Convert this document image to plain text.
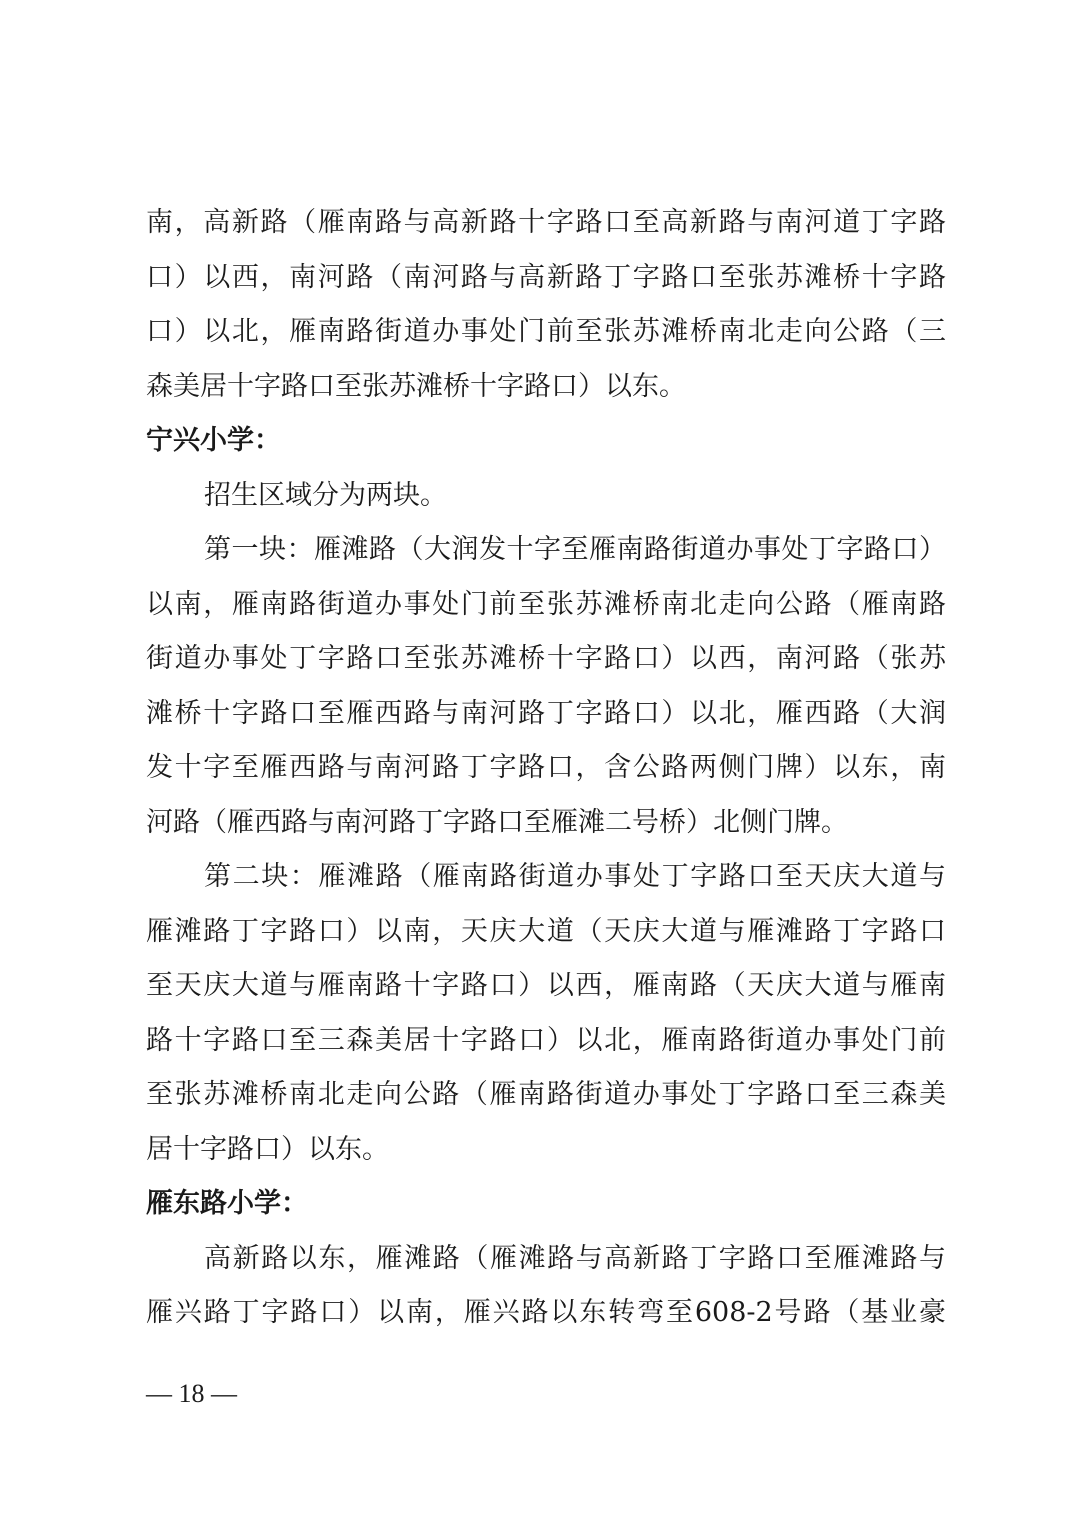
南，高新路（雁南路与高新路十字路口至高新路与南河道丁字路
口）以西，南河路（南河路与高新路丁字路口至张苏滩桥十字路
口）以北，雁南路街道办事处门前至张苏滩桥南北走向公路（三
森美居十字路口至张苏滩桥十字路口）以东。
宁兴小学：
招生区域分为两块。
第一块：雁滩路（大润发十字至雁南路街道办事处丁字路口）
以南，雁南路街道办事处门前至张苏滩桥南北走向公路（雁南路
街道办事处丁字路口至张苏滩桥十字路口）以西，南河路（张苏
滩桥十字路口至雁西路与南河路丁字路口）以北，雁西路（大润
发十字至雁西路与南河路丁字路口，含公路两侧门牌）以东，南
河路（雁西路与南河路丁字路口至雁滩二号桥）北侧门牌。
第二块：雁滩路（雁南路街道办事处丁字路口至天庆大道与
雁滩路丁字路口）以南，天庆大道（天庆大道与雁滩路丁字路口
至天庆大道与雁南路十字路口）以西，雁南路（天庆大道与雁南
路十字路口至三森美居十字路口）以北，雁南路街道办事处门前
至张苏滩桥南北走向公路（雁南路街道办事处丁字路口至三森美
居十字路口）以东。
雁东路小学：
高新路以东，雁滩路（雁滩路与高新路丁字路口至雁滩路与
雁兴路丁字路口）以南，雁兴路以东转弯至608-2号路（基业豪
— 18 —
